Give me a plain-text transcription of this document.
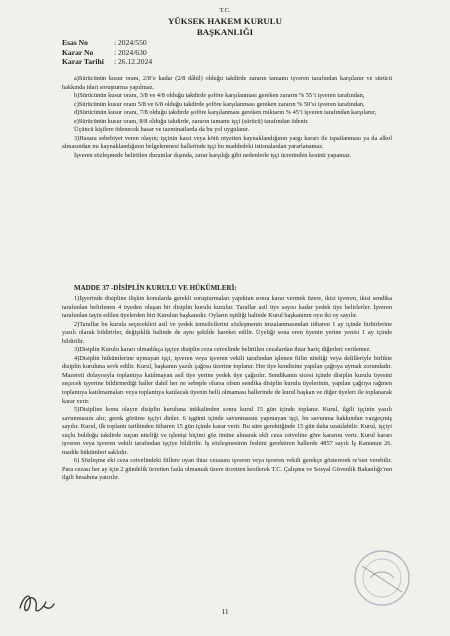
T.C.
YÜKSEK HAKEM KURULU
BAŞKANLIĞI
Esas No	: 2024/550
Karar No	: 2024/630
Karar Tarihi	: 26.12.2024

a)Sürücünün kusur oranı, 2/8’e kadar (2/8 dâhil) olduğu takdirde zararın tamamı işveren tarafından karşılanır ve sürücü hakkında idari soruşturma yapılmaz.

b)Sürücünün kusur oranı, 3/8 ve 4/8 olduğu takdirde şoföre karşılanması gereken zararın % 55’i işveren tarafından,

c)Sürücünün kusur oranı 5/8 ve 6/8 olduğu takdirde şoföre karşılanması gereken zararın % 50’si işveren tarafından,

d)Sürücünün kusur oranı, 7/8 olduğu takdirde şoföre karşılanması gereken miktarın % 45’i işveren tarafından karşılanır,

e)Sürücünün kusur oranı, 8/8 olduğu takdirde, zararın tamamı işçi (sürücü) tarafından ödenir.

Üçüncü kişilere ödenecek hasar ve tazminatlarda da bu yol uygulanır.

3)Hasara sebebiyet veren olayın; işçinin kasıt veya kötü niyetten kaynaklandığının yargı kararı ile ispatlanması ya da alkol almasından mı kaynaklandığının belgelenmesi hallerinde işçi bu maddedeki istisnalardan yararlanamaz.

İşveren sözleşmede belirtilen durumlar dışında, zarar karşılığı gibi nedenlerle işçi ücretinden kesinti yapamaz.

MADDE 37 -DİSİPLİN KURULU VE HÜKÜMLERİ:

1)İşyerinde disipline ilişkin konularda gerekli soruşturmaları yapıktan sonra karar vermek üzere, ikisi işveren, ikisi sendika tarafından belirlenen 4 üyeden oluşan bir disiplin kurulu kurulur. Taraflar asil üye sayısı kadar yedek üye belirlerler. İşveren tarafından tayin edilen üyelerden biri Kurulun başkanıdır. Oyların eşitliği halinde Kurul başkanının oyu iki oy sayılır.

2)Taraflar bu kurula seçecekleri asil ve yedek temsilcilerini sözleşmenin imzalanmasından itibaren 1 ay içinde birbirlerine yazılı olarak bildirirler, değişiklik halinde de aynı şekilde hareket edilir. Üyeliği sona eren üyenin yerine yenisi 1 ay içinde bildirilir.

3)Disiplin Kurulu kararı olmadıkça işçiye disiplin ceza cetvelinde belirtilen cezalardan ihtar hariç diğerleri verilemez.

4)Disiplin hükümlerine uymayan işçi, işveren veya işveren vekili tarafından işlenen fiilin niteliği veya delilleriyle birlikte disiplin kuruluna sevk edilir. Kurul, başkanın yazılı çağrısı üzerine toplanır. Her üye kendisine yapılan çağrıya uymak zorundadır. Mazereti dolayısıyla toplantıya katılmayan asil üye yerine yedek üye çağırılır. Sendikanın sicesi içinde disiplin kurulu üyesini seçecek işyerine bildirmediği haller dahil her ne sebeple olursa olsun sendika disiplin kurulu üyelerinin, yapılan çağrıya rağmen toplantıya katılmamaları veya toplantıya katılacak üyenin belli olmaması hallerinde de kurul başkan ve diğer üyeleri ile toplanarak karar verir.

5)Disipline konu olayın disiplin kuruluna intikalinden sonra kurul 15 gün içinde toplanır. Kurul, ilgili işçinin yazılı savunmasını alır; gerek görürse işçiyi dinler. 6 işgünü içinde savunmasını yapmayan işçi, bu savunma hakkından vazgeçmiş sayılır. Kurul, ilk toplantı tarihinden itibaren 15 gün içinde karar verir. Bu süre gerektiğinde 15 gün daha uzatılabilir. Kurul, işçiyi suçlu bulduğu takdirde suçun niteliği ve işlenişi biçimi göz önüne alınarak ekli ceza cetveline göre kararını verir. Kurul kararı işveren veya işveren vekili tarafından işçiye bildirilir. İş sözleşmesinin feshini gerektiren hallerde 4857 sayılı İş Kanunun 26. madde hükümleri saklıdır.

6) Sözleşme eki ceza cetvelindeki fiillere uyan ihtar cezasını işveren veya işveren vekili gerekçe göstererek re’sen verebilir. Para cezası her ay için 2 gündelik ücretten fazla olmamak üzere ücretten kesilerek T.C. Çalışma ve Sosyal Güvenlik Bakanlığı’nın ilgili hesabına yatırılır.

11
